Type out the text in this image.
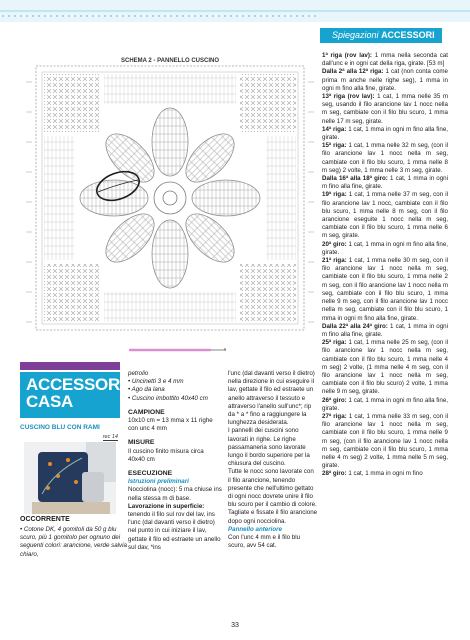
Spiegazioni ACCESSORI
SCHEMA 2 - PANNELLO CUSCINO
ACCESSORI
CASA
CUSCINO BLU CON RAMI
rec 14
OCCORRENTE
• Cotone DK, 4 gomitoli da 50 g blu scuro, più 1 gomitolo per ognuno dei seguenti colori: arancione, verde salvia chiaro,

petrolio

• Uncinetti 3 e 4 mm

• Ago da lana

• Cuscino imbottito 40x40 cm

CAMPIONE

10x10 cm = 13 mma x 11 righe con unc 4 mm

MISURE

Il cuscino finito misura circa 40x40 cm

ESECUZIONE

Istruzioni preliminari

Nocciolina (nocc): 5 ma chiuse ins nella stessa m di base.

Lavorazione in superficie: tenendo il filo sul rov del lav, ins l'unc (dal davanti verso il dietro) nel punto in cui iniziare il lav, gettate il filo ed estraete un anello sul dav, *ins

l'unc (dal davanti verso il dietro) nella direzione in cui eseguire il lav, gettate il filo ed estraete un anello attraverso il tessuto e attraverso l'anello sull'unc*; rip da * a * fino a raggiungere la lunghezza desiderata.

I pannelli dei cuscini sono lavorati in righe. Le righe passamaneria sono lavorate lungo il bordo superiore per la chiusura del cuscino.

Tutte le nocc sono lavorate con il filo arancione, tenendo presente che nell'ultimo gettato di ogni nocc dovrete unire il filo blu scuro per il cambio di colore. Tagliate e fissate il filo arancione dopo ogni nocciolina.

Pannello anteriore

Con l'unc 4 mm e il filo blu scuro, avv 54 cat.

1ª riga (rov lav): 1 mma nella seconda cat dall'unc e in ogni cat della riga, girate. [53 m]

Dalla 2ª alla 12ª riga: 1 cat (non conta come prima m anche nelle righe seg), 1 mma in ogni m fino alla fine, girate.

13ª riga (rov lav): 1 cat, 1 mma nelle 35 m seg, usando il filo arancione lav 1 nocc nella m seg, cambiate con il filo blu scuro, 1 mma nelle 17 m seg, girate.

14ª riga: 1 cat, 1 mma in ogni m fino alla fine, girate.

15ª riga: 1 cat, 1 mma nelle 32 m seg, (con il filo arancione lav 1 nocc nella m seg, cambiate con il filo blu scuro, 1 mma nelle 8 m seg) 2 volte, 1 mma nelle 3 m seg, girate.

Dalla 16ª alla 18ª giro: 1 cat, 1 mma in ogni m fino alla fine, girate.

19ª riga: 1 cat, 1 mma nelle 37 m seg, con il filo arancione lav 1 nocc, cambiate con il filo blu scuro, 1 mma nelle 8 m seg, con il filo arancione eseguite 1 nocc nella m seg, cambiate con il filo blu scuro, 1 mma nelle 6 m seg, girate.

20ª giro: 1 cat, 1 mma in ogni m fino alla fine, girate.

21ª riga: 1 cat, 1 mma nelle 30 m seg, con il filo arancione lav 1 nocc nella m seg, cambiate con il filo blu scuro, 1 mma nelle 2 m seg, con il filo arancione lav 1 nocc nella m seg, cambiate con il filo blu scuro, 1 mma nelle 9 m seg, con il filo arancione lav 1 nocc nella m seg, cambiate con il filo blu scuro, 1 mma in ogni m fino alla fine, girate.

Dalla 22ª alla 24ª giro: 1 cat, 1 mma in ogni m fino alla fine, girate.

25ª riga: 1 cat, 1 mma nelle 25 m seg, (con il filo arancione lav 1 nocc nella m seg, cambiate con il filo blu scuro, 1 mma nelle 4 m seg) 2 volte, (1 mma nelle 4 m seg, con il filo arancione lav 1 nocc nella m seg, cambiate con il filo blu scuro) 2 volte, 1 mma nelle 9 m seg, girate.

26ª giro: 1 cat, 1 mma in ogni m fino alla fine, girate.

27ª riga: 1 cat, 1 mma nelle 33 m seg, con il filo arancione lav 1 nocc nella m seg, cambiate con il filo blu scuro, 1 mma nelle 9 m seg, (con il filo arancione lav 1 nocc nella m seg, cambiate con il filo blu scuro, 1 mma nelle 4 m seg) 2 volte, 1 mma nelle 5 m seg, girate.

28ª giro: 1 cat, 1 mma in ogni m fino

33
